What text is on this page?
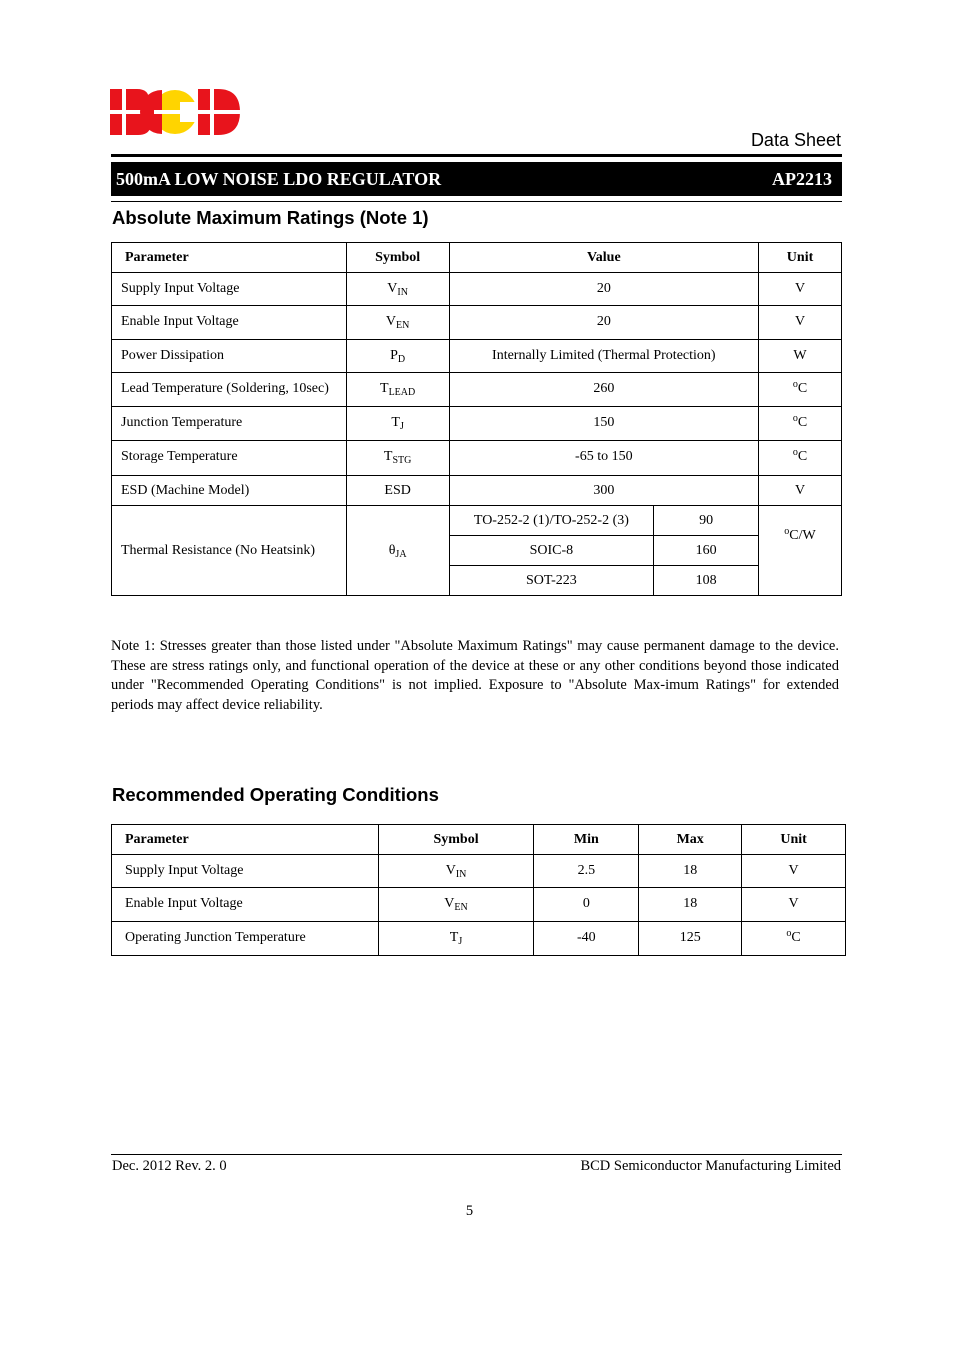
Data Sheet
500mA LOW NOISE LDO REGULATOR	AP2213
Absolute Maximum Ratings (Note 1)
Parameter	Symbol	Value		Unit
Supply Input Voltage	$V_{IN}$	20		V
Enable Input Voltage	$V_{EN}$	20		V
Power Dissipation	$P_D$	Internally Limited (Thermal Protection)		W
Lead Temperature (Soldering, 10sec)	$T_{LEAD}$	260		$^o$C
Junction Temperature	$T_J$	150		$^o$C
Storage Temperature	$T_{STG}$	-65 to 150		$^o$C
ESD (Machine Model)	ESD	300		V
Thermal Resistance (No Heatsink)	$\theta_{JA}$	TO-252-2 (1)/TO-252-2 (3)	90	$^o$C/W
		SOIC-8	160	
		SOT-223	108	

Note 1: Stresses greater than those listed under "Absolute Maximum Ratings" may cause permanent damage to the device. These are stress ratings only, and functional operation of the device at these or any other conditions beyond those indicated under "Recommended Operating Conditions" is not implied. Exposure to "Absolute Max-imum Ratings" for extended periods may affect device reliability.

Recommended Operating Conditions
Parameter	Symbol	Min	Max	Unit
Supply Input Voltage	$V_{IN}$	2.5	18	V
Enable Input Voltage	$V_{EN}$	0	18	V
Operating Junction Temperature	$T_J$	-40	125	$^o$C
Dec. 2012 Rev. 2. 0	BCD Semiconductor Manufacturing Limited
5
